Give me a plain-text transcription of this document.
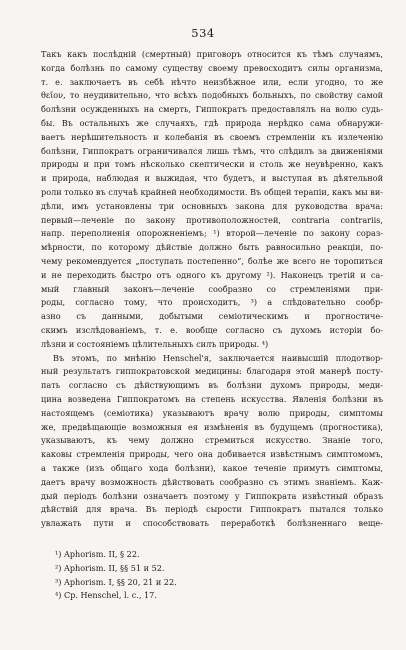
534
Такъ какъ послѣдній (смертный) приговоръ относится къ тѣмъ случаямъ,
когда болѣзнь по самому существу своему превосходитъ силы организма,
т. е. заключаетъ въ себѣ нѣчто неизбѣжное или, если угодно, то же
θεῖον, то неудивительно, что всѣхъ подобныхъ больныхъ, по свойству самой
болѣзни осужденныхъ на смерть, Гиппократъ предоставлялъ на волю судь-
бы. Въ остальныхъ же случаяхъ, гдѣ природа нерѣдко сама обнаружи-
ваетъ нерѣшительность и колебанія въ своемъ стремленіи къ излеченію
болѣзни, Гиппократъ ограничивался лишь тѣмъ, что слѣдилъ за движеніями
природы и при томъ нѣсколько скептически и столь же неувѣренно, какъ
и природа, наблюдая и выжидая, что будетъ, и выступая въ дѣятельной
роли только въ случаѣ крайней необходимости. Въ общей терапіи, какъ мы ви-
дѣли, имъ установлены три основныхъ закона для руководства врача:
первый—леченіе по закону противоположностей, contraria contrariis,
напр. переполненія опорожненіемъ; ¹) второй—леченіе по закону сораз-
мѣрности, по которому дѣйствіе должно быть равносильно реакціи, по-
чему рекомендуется „поступать постепенно“, болѣе же всего не торопиться
и не переходить быстро отъ одного къ другому ²). Наконецъ третій и са-
мый главный законъ—леченіе сообразно со стремленіями при-
роды, согласно тому, что происходитъ, ³) а слѣдовательно сообр-
азно съ данными, добытыми семіотическимъ и прогностиче-
скимъ изслѣдованіемъ, т. е. вообще согласно съ духомъ исторіи бо-
лѣзни и состояніемъ цѣлительныхъ силъ природы. ⁴)
Въ этомъ, по мнѣнію Henschel'я, заключается наивысшій плодотвор-
ный результатъ гиппократовской медицины: благодаря этой манерѣ посту-
пать согласно съ дѣйствующимъ въ болѣзни духомъ природы, меди-
цина возведена Гиппократомъ на степень искусства. Явленія болѣзни въ
настоящемъ (семіотика) указываютъ врачу волю природы, симптомы
же, предвѣщающіе возможныя ея измѣненія въ будущемъ (прогностика),
указываютъ, къ чему должно стремиться искусство. Знаніе того,
каковы стремленія природы, чего она добивается извѣстнымъ симптомомъ,
а также (изъ общаго хода болѣзни), какое теченіе примутъ симптомы,
даетъ врачу возможность дѣйствовать сообразно съ этимъ знаніемъ. Каж-
дый періодъ болѣзни означаетъ поэтому у Гиппократа извѣстный образъ
дѣйствій для врача. Въ періодѣ сырости Гиппократъ пытался только
увлажать пути и способствовать переработкѣ болѣзненнаго веще-
¹) Aphorism. II, § 22.
²) Aphorism. II, §§ 51 и 52.
³) Aphorism. I, §§ 20, 21 и 22.
⁴) Ср. Henschel, l. c., 17.
